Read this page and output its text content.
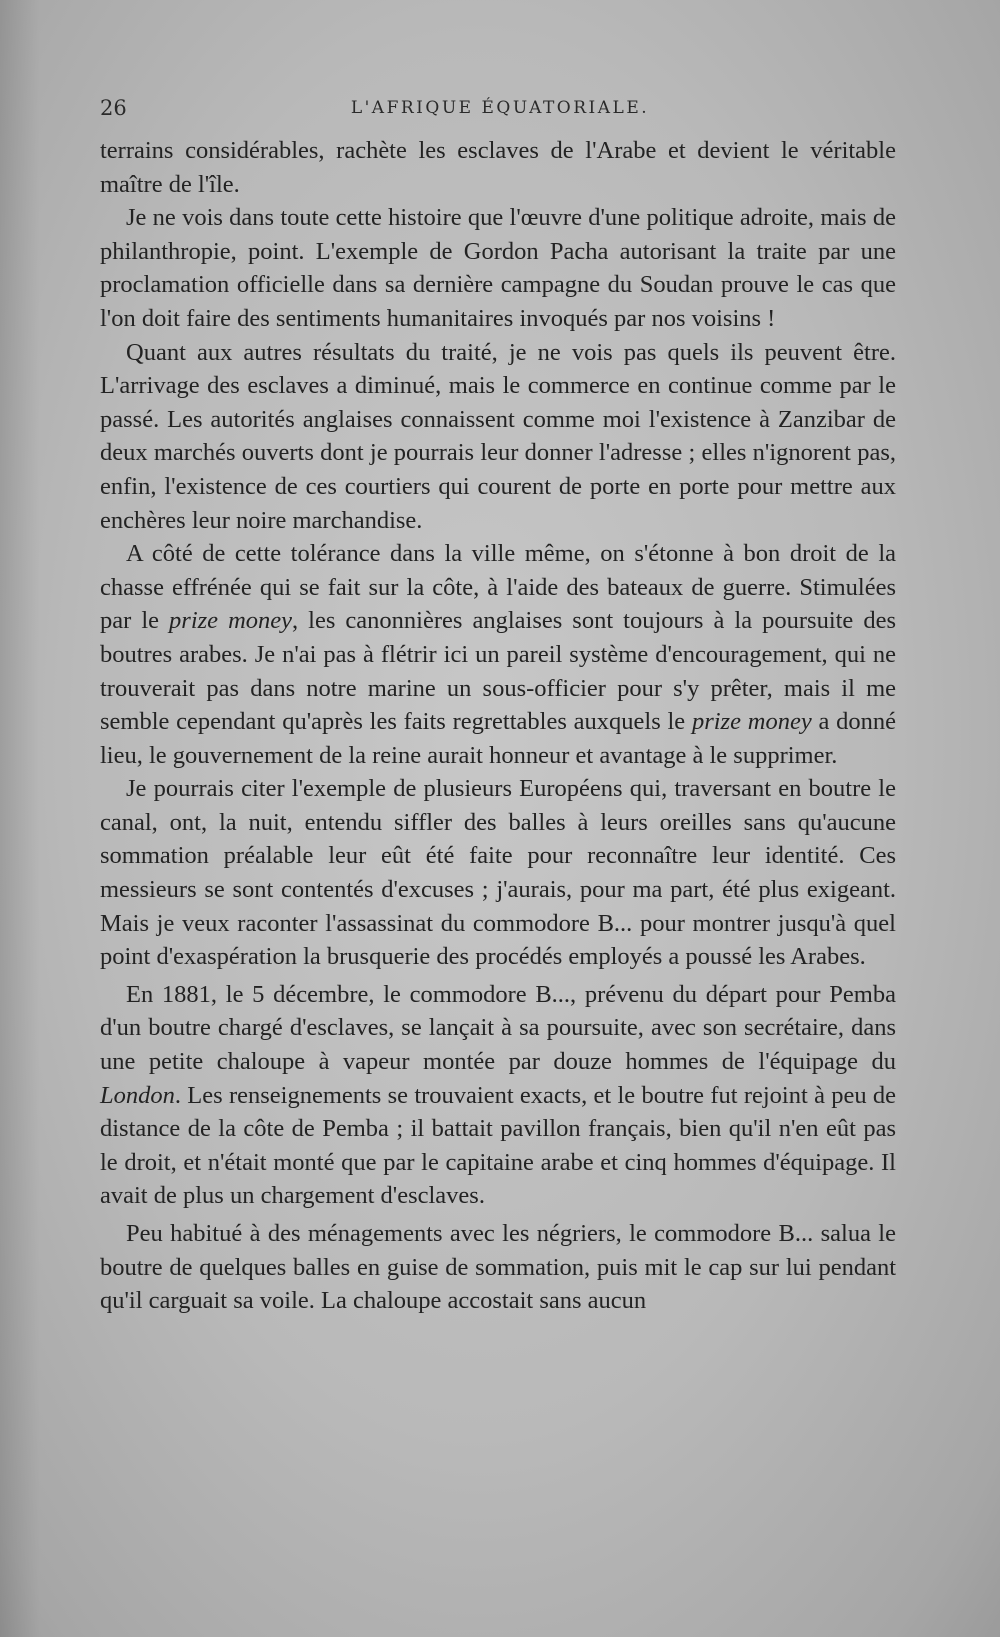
26	L'AFRIQUE ÉQUATORIALE.

terrains considérables, rachète les esclaves de l'Arabe et devient le véritable maître de l'île.

Je ne vois dans toute cette histoire que l'œuvre d'une politique adroite, mais de philanthropie, point. L'exemple de Gordon Pacha autorisant la traite par une proclamation officielle dans sa dernière campagne du Soudan prouve le cas que l'on doit faire des sentiments humanitaires invoqués par nos voisins !

Quant aux autres résultats du traité, je ne vois pas quels ils peuvent être. L'arrivage des esclaves a diminué, mais le commerce en continue comme par le passé. Les autorités anglaises connaissent comme moi l'existence à Zanzibar de deux marchés ouverts dont je pourrais leur donner l'adresse ; elles n'ignorent pas, enfin, l'existence de ces courtiers qui courent de porte en porte pour mettre aux enchères leur noire marchandise.

A côté de cette tolérance dans la ville même, on s'étonne à bon droit de la chasse effrénée qui se fait sur la côte, à l'aide des bateaux de guerre. Stimulées par le prize money, les canonnières anglaises sont toujours à la poursuite des boutres arabes. Je n'ai pas à flétrir ici un pareil système d'encouragement, qui ne trouverait pas dans notre marine un sous-officier pour s'y prêter, mais il me semble cependant qu'après les faits regrettables auxquels le prize money a donné lieu, le gouvernement de la reine aurait honneur et avantage à le supprimer.

Je pourrais citer l'exemple de plusieurs Européens qui, traversant en boutre le canal, ont, la nuit, entendu siffler des balles à leurs oreilles sans qu'aucune sommation préalable leur eût été faite pour reconnaître leur identité. Ces messieurs se sont contentés d'excuses ; j'aurais, pour ma part, été plus exigeant. Mais je veux raconter l'assassinat du commodore B... pour montrer jusqu'à quel point d'exaspération la brusquerie des procédés employés a poussé les Arabes.

En 1881, le 5 décembre, le commodore B..., prévenu du départ pour Pemba d'un boutre chargé d'esclaves, se lançait à sa poursuite, avec son secrétaire, dans une petite chaloupe à vapeur montée par douze hommes de l'équipage du London. Les renseignements se trouvaient exacts, et le boutre fut rejoint à peu de distance de la côte de Pemba ; il battait pavillon français, bien qu'il n'en eût pas le droit, et n'était monté que par le capitaine arabe et cinq hommes d'équipage. Il avait de plus un chargement d'esclaves.

Peu habitué à des ménagements avec les négriers, le commodore B... salua le boutre de quelques balles en guise de sommation, puis mit le cap sur lui pendant qu'il carguait sa voile. La chaloupe accostait sans aucun
